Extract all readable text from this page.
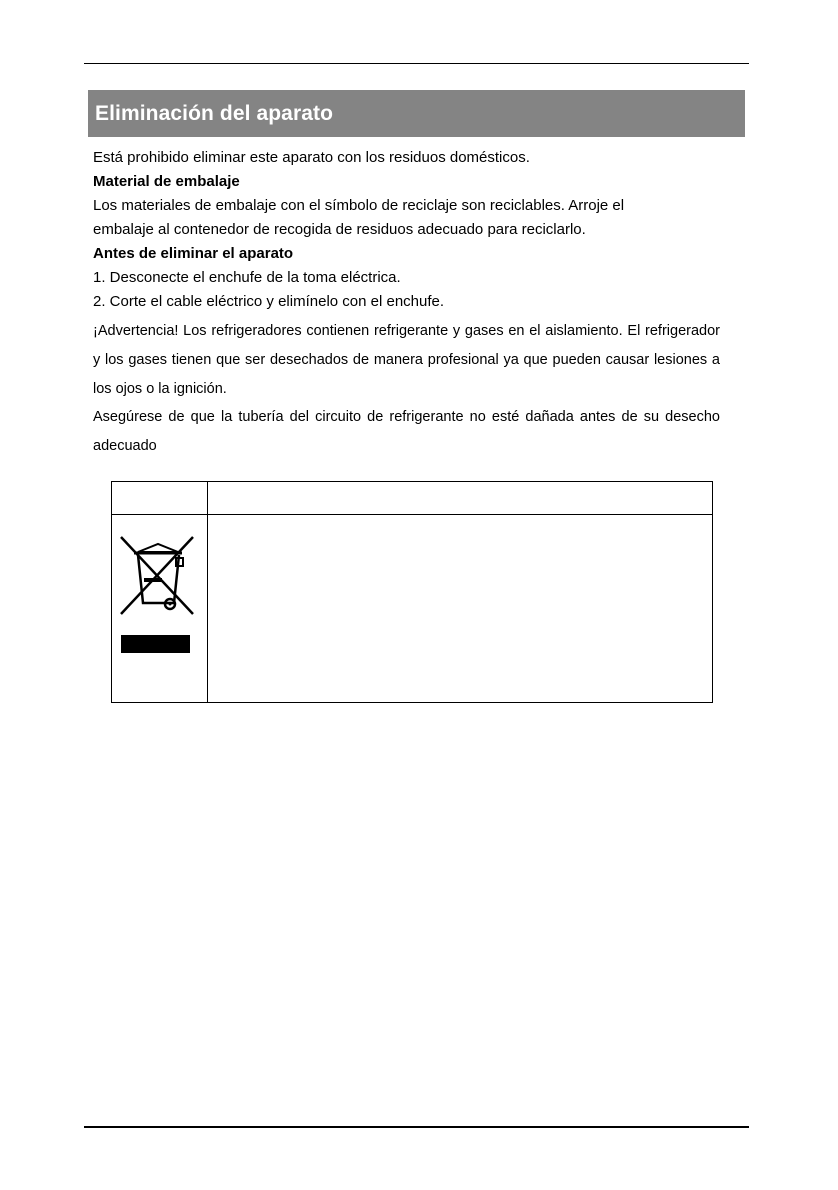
Eliminación del aparato
Está prohibido eliminar este aparato con los residuos domésticos.
Material de embalaje
Los materiales de embalaje con el símbolo de reciclaje son reciclables. Arroje el
embalaje al contenedor de recogida de residuos adecuado para reciclarlo.
Antes de eliminar el aparato
1. Desconecte el enchufe de la toma eléctrica.
2. Corte el cable eléctrico y elimínelo con el enchufe.
¡Advertencia! Los refrigeradores contienen refrigerante y gases en el aislamiento. El refrigerador y los gases tienen que ser desechados de manera profesional ya que pueden causar lesiones a los ojos o la ignición.
Asegúrese de que la tubería del circuito de refrigerante no esté dañada antes de su desecho adecuado
